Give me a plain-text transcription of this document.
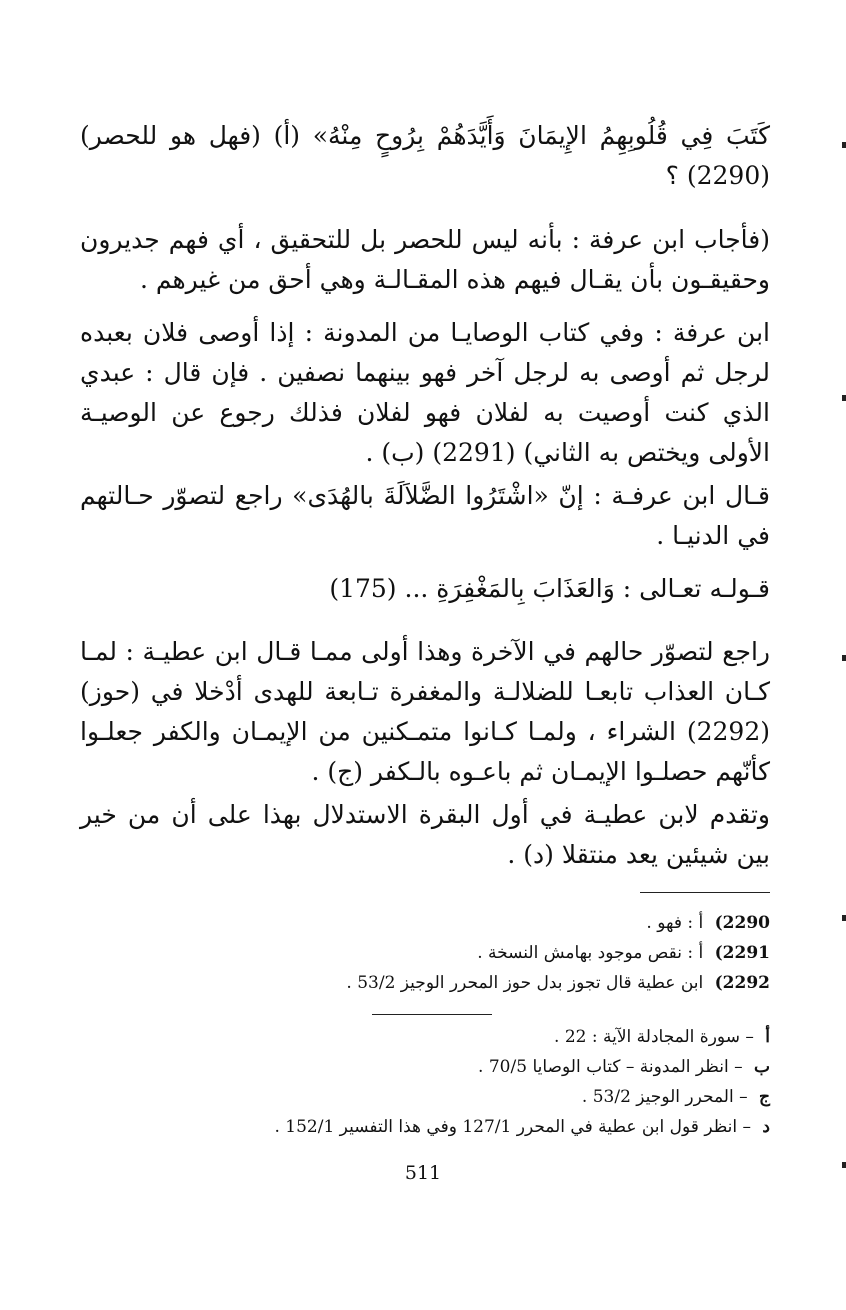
كَتَبَ فِي قُلُوبِهِمُ الإِيمَانَ وَأَيَّدَهُمْ بِرُوحٍ مِنْهُ» (أ) (فهل هو للحصر) (2290) ؟

(فأجاب ابن عرفة : بأنه ليس للحصر بل للتحقيق ، أي فهم جديرون وحقيقـون بأن يقـال فيهم هذه المقـالـة وهي أحق من غيرهم .

ابن عرفة : وفي كتاب الوصايـا من المدونة : إذا أوصى فلان بعبده لرجل ثم أوصى به لرجل آخر فهو بينهما نصفين . فإن قال : عبدي الذي كنت أوصيت به لفلان فهو لفلان فذلك رجوع عن الوصيـة الأولى ويختص به الثاني) (2291) (ب) .

قـال ابن عرفـة : إنّ «اشْتَرُوا الضَّلاَلَةَ بالهُدَى» راجع لتصوّر حـالتهم في الدنيـا .

قـولـه تعـالى : وَالعَذَابَ بِالمَغْفِرَةِ ... (175)

راجع لتصوّر حالهم في الآخرة وهذا أولى ممـا قـال ابن عطيـة : لمـا كـان العذاب تابعـا للضلالـة والمغفرة تـابعة للهدى أدْخلا في (حوز) (2292) الشراء ، ولمـا كـانوا متمـكنين من الإيمـان والكفر جعلـوا كأنّهم حصلـوا الإيمـان ثم باعـوه بالـكفر (ج) .

وتقدم لابن عطيـة في أول البقرة الاستدلال بهذا على أن من خير بين شيئين يعد منتقلا (د) .

2290) أ : فهو .
2291) أ : نقص موجود بهامش النسخة .
2292) ابن عطية قال تجوز بدل حوز المحرر الوجيز 53/2 .
أ – سورة المجادلة الآية : 22 .
ب – انظر المدونة – كتاب الوصايا 70/5 .
ج – المحرر الوجيز 53/2 .
د – انظر قول ابن عطية في المحرر 127/1 وفي هذا التفسير 152/1 .
511
